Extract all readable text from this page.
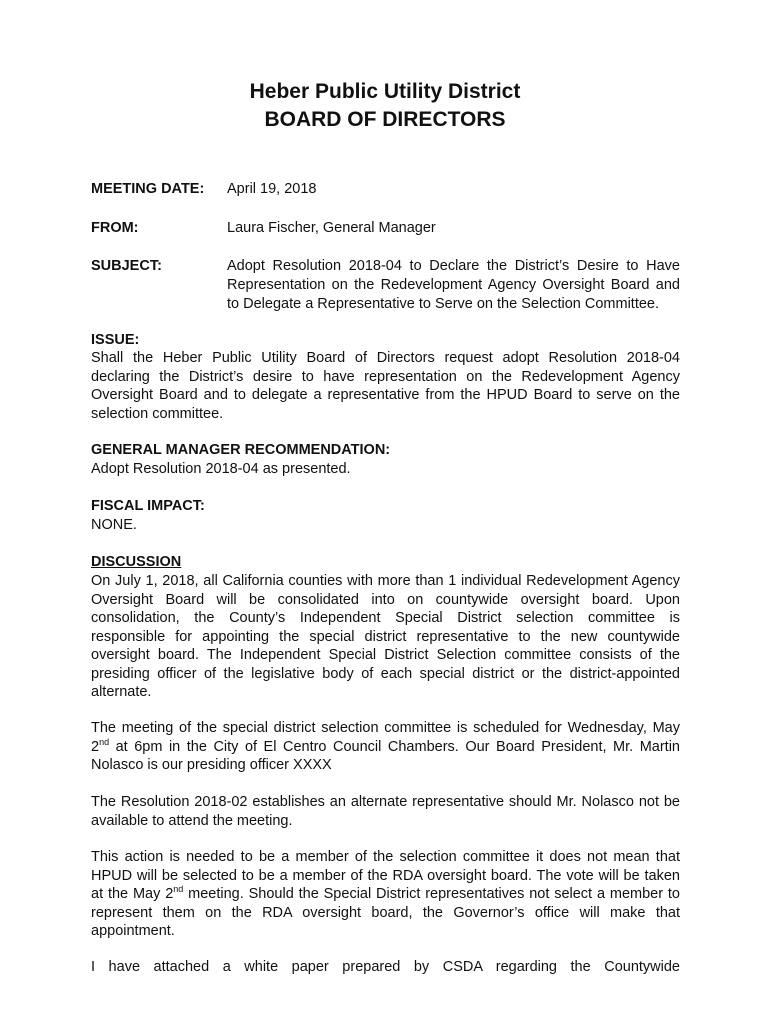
Heber Public Utility District
BOARD OF DIRECTORS
MEETING DATE: April 19, 2018
FROM:	Laura Fischer, General Manager
SUBJECT:	Adopt Resolution 2018-04 to Declare the District’s Desire to Have
Representation on the Redevelopment Agency Oversight Board and
to Delegate a Representative to Serve on the Selection Committee.
ISSUE:
Shall the Heber Public Utility Board of Directors request adopt Resolution 2018-04
declaring the District’s desire to have representation on the Redevelopment Agency
Oversight Board and to delegate a representative from the HPUD Board to serve on the
selection committee.
GENERAL MANAGER RECOMMENDATION:
Adopt Resolution 2018-04 as presented.
FISCAL IMPACT:
NONE.
DISCUSSION
On July 1, 2018, all California counties with more than 1 individual Redevelopment Agency
Oversight Board will be consolidated into on countywide oversight board. Upon
consolidation, the County’s Independent Special District selection committee is
responsible for appointing the special district representative to the new countywide
oversight board. The Independent Special District Selection committee consists of the
presiding officer of the legislative body of each special district or the district-appointed
alternate.
The meeting of the special district selection committee is scheduled for Wednesday, May
2nd at 6pm in the City of El Centro Council Chambers. Our Board President, Mr. Martin
Nolasco is our presiding officer XXXX
The Resolution 2018-02 establishes an alternate representative should Mr. Nolasco not be
available to attend the meeting.
This action is needed to be a member of the selection committee it does not mean that
HPUD will be selected to be a member of the RDA oversight board. The vote will be taken
at the May 2nd meeting. Should the Special District representatives not select a member to
represent them on the RDA oversight board, the Governor’s office will make that
appointment.
I have attached a white paper prepared by CSDA regarding the Countywide
